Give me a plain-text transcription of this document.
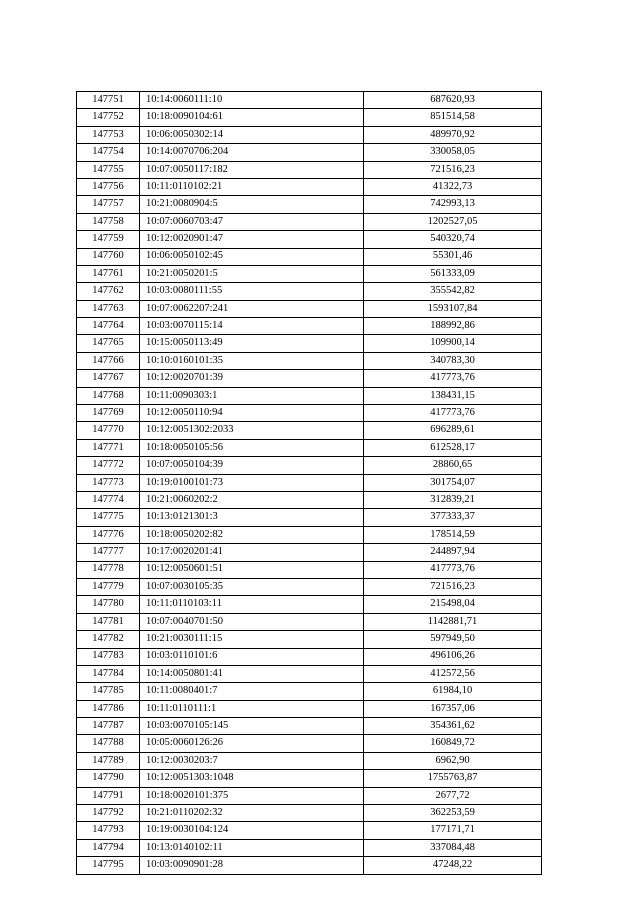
147751	10:14:0060111:10	687620,93
147752	10:18:0090104:61	851514,58
147753	10:06:0050302:14	489970,92
147754	10:14:0070706:204	330058,05
147755	10:07:0050117:182	721516,23
147756	10:11:0110102:21	41322,73
147757	10:21:0080904:5	742993,13
147758	10:07:0060703:47	1202527,05
147759	10:12:0020901:47	540320,74
147760	10:06:0050102:45	55301,46
147761	10:21:0050201:5	561333,09
147762	10:03:0080111:55	355542,82
147763	10:07:0062207:241	1593107,84
147764	10:03:0070115:14	188992,86
147765	10:15:0050113:49	109900,14
147766	10:10:0160101:35	340783,30
147767	10:12:0020701:39	417773,76
147768	10:11:0090303:1	138431,15
147769	10:12:0050110:94	417773,76
147770	10:12:0051302:2033	696289,61
147771	10:18:0050105:56	612528,17
147772	10:07:0050104:39	28860,65
147773	10:19:0100101:73	301754,07
147774	10:21:0060202:2	312839,21
147775	10:13:0121301:3	377333,37
147776	10:18:0050202:82	178514,59
147777	10:17:0020201:41	244897,94
147778	10:12:0050601:51	417773,76
147779	10:07:0030105:35	721516,23
147780	10:11:0110103:11	215498,04
147781	10:07:0040701:50	1142881,71
147782	10:21:0030111:15	597949,50
147783	10:03:0110101:6	496106,26
147784	10:14:0050801:41	412572,56
147785	10:11:0080401:7	61984,10
147786	10:11:0110111:1	167357,06
147787	10:03:0070105:145	354361,62
147788	10:05:0060126:26	160849,72
147789	10:12:0030203:7	6962,90
147790	10:12:0051303:1048	1755763,87
147791	10:18:0020101:375	2677,72
147792	10:21:0110202:32	362253,59
147793	10:19:0030104:124	177171,71
147794	10:13:0140102:11	337084,48
147795	10:03:0090901:28	47248,22
